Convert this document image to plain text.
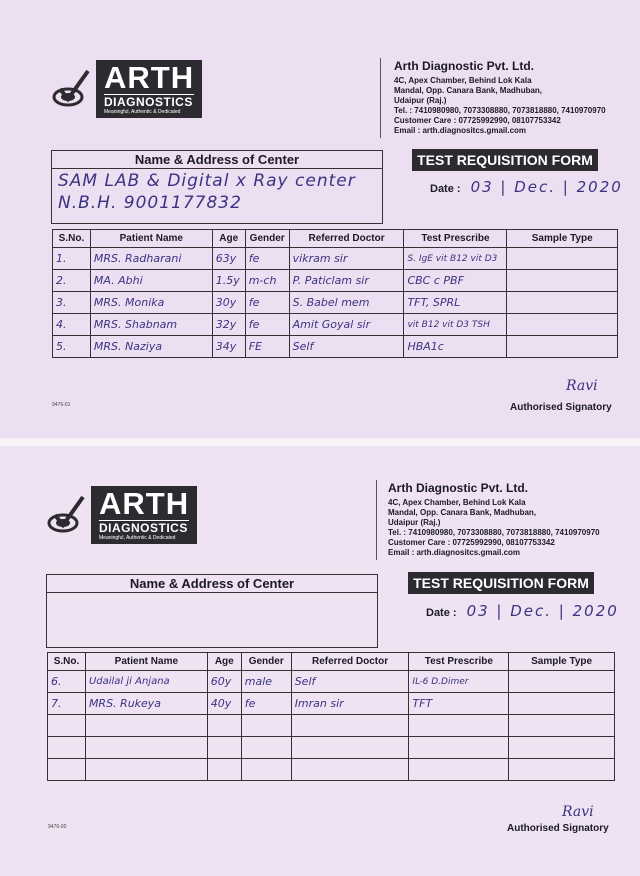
ARTH
DIAGNOSTICS
Meaningful, Authentic & Dedicated
Arth Diagnostic Pvt. Ltd.
4C, Apex Chamber, Behind Lok Kala
Mandal, Opp. Canara Bank, Madhuban,
Udaipur (Raj.)
Tel. : 7410980980, 7073308880, 7073818880, 7410970970
Customer Care : 07725992990, 08107753342
Email : arth.diagnositcs.gmail.com
Name & Address of Center
SAM LAB & Digital x Ray center
N.B.H. 9001177832
TEST REQUISITION FORM
Date : 03 | Dec. | 2020
S.No.	Patient Name	Age	Gender	Referred Doctor	Test Prescribe	Sample Type
1.	MRS. Radharani	63y	fe	vikram sir	S. IgE vit B12 vit D3	
2.	MA. Abhi	1.5y	m-ch	P. Paticlam sir	CBC c PBF	
3.	MRS. Monika	30y	fe	S. Babel mem	TFT, SPRL	
4.	MRS. Shabnam	32y	fe	Amit Goyal sir	vit B12 vit D3 TSH	
5.	MRS. Naziya	34y	FE	Self	HBA1c	
Ravi
Authorised Signatory
9476-01
ARTH
DIAGNOSTICS
Meaningful, Authentic & Dedicated
Arth Diagnostic Pvt. Ltd.
4C, Apex Chamber, Behind Lok Kala
Mandal, Opp. Canara Bank, Madhuban,
Udaipur (Raj.)
Tel. : 7410980980, 7073308880, 7073818880, 7410970970
Customer Care : 07725992990, 08107753342
Email : arth.diagnositcs.gmail.com
Name & Address of Center	TEST REQUISITION FORM
Date : 03 | Dec. | 2020
S.No.	Patient Name	Age	Gender	Referred Doctor	Test Prescribe	Sample Type
6.	Udailal ji Anjana	60y	male	Self	IL-6 D.Dimer	
7.	MRS. Rukeya	40y	fe	Imran sir	TFT	

Ravi
Authorised Signatory
9476-00
